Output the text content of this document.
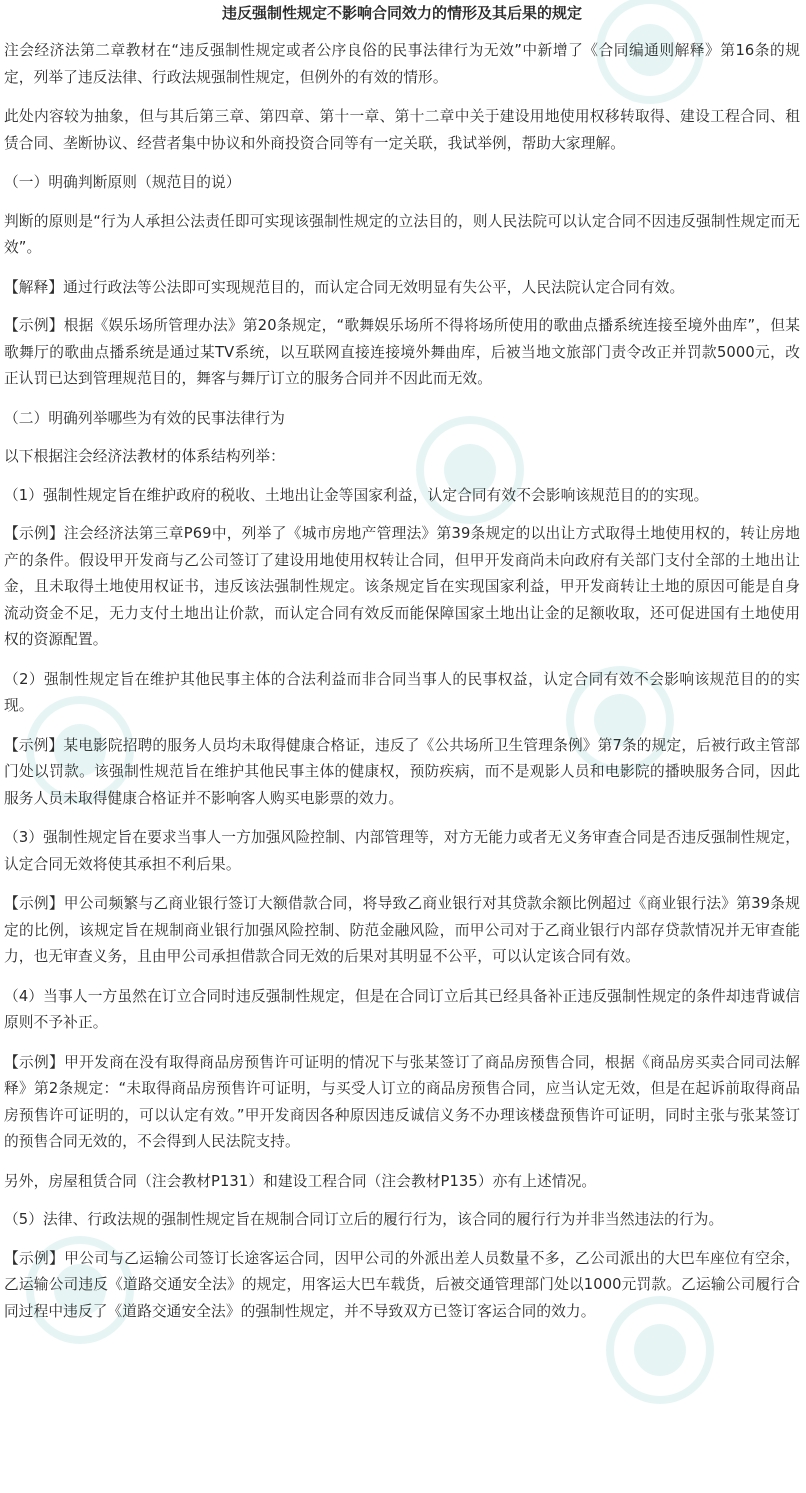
违反强制性规定不影响合同效力的情形及其后果的规定

注会经济法第二章教材在“违反强制性规定或者公序良俗的民事法律行为无效”中新增了《合同编通则解释》第16条的规定，列举了违反法律、行政法规强制性规定，但例外的有效的情形。

此处内容较为抽象，但与其后第三章、第四章、第十一章、第十二章中关于建设用地使用权移转取得、建设工程合同、租赁合同、垄断协议、经营者集中协议和外商投资合同等有一定关联，我试举例，帮助大家理解。

（一）明确判断原则（规范目的说）

判断的原则是“行为人承担公法责任即可实现该强制性规定的立法目的，则人民法院可以认定合同不因违反强制性规定而无效”。

【解释】通过行政法等公法即可实现规范目的，而认定合同无效明显有失公平，人民法院认定合同有效。

【示例】根据《娱乐场所管理办法》第20条规定，“歌舞娱乐场所不得将场所使用的歌曲点播系统连接至境外曲库”，但某歌舞厅的歌曲点播系统是通过某TV系统，以互联网直接连接境外舞曲库，后被当地文旅部门责令改正并罚款5000元，改正认罚已达到管理规范目的，舞客与舞厅订立的服务合同并不因此而无效。

（二）明确列举哪些为有效的民事法律行为

以下根据注会经济法教材的体系结构列举：

（1）强制性规定旨在维护政府的税收、土地出让金等国家利益，认定合同有效不会影响该规范目的的实现。

【示例】注会经济法第三章P69中，列举了《城市房地产管理法》第39条规定的以出让方式取得土地使用权的，转让房地产的条件。假设甲开发商与乙公司签订了建设用地使用权转让合同，但甲开发商尚未向政府有关部门支付全部的土地出让金，且未取得土地使用权证书，违反该法强制性规定。该条规定旨在实现国家利益，甲开发商转让土地的原因可能是自身流动资金不足，无力支付土地出让价款，而认定合同有效反而能保障国家土地出让金的足额收取，还可促进国有土地使用权的资源配置。

（2）强制性规定旨在维护其他民事主体的合法利益而非合同当事人的民事权益，认定合同有效不会影响该规范目的的实现。

【示例】某电影院招聘的服务人员均未取得健康合格证，违反了《公共场所卫生管理条例》第7条的规定，后被行政主管部门处以罚款。该强制性规范旨在维护其他民事主体的健康权，预防疾病，而不是观影人员和电影院的播映服务合同，因此服务人员未取得健康合格证并不影响客人购买电影票的效力。

（3）强制性规定旨在要求当事人一方加强风险控制、内部管理等，对方无能力或者无义务审查合同是否违反强制性规定，认定合同无效将使其承担不利后果。

【示例】甲公司频繁与乙商业银行签订大额借款合同，将导致乙商业银行对其贷款余额比例超过《商业银行法》第39条规定的比例，该规定旨在规制商业银行加强风险控制、防范金融风险，而甲公司对于乙商业银行内部存贷款情况并无审查能力，也无审查义务，且由甲公司承担借款合同无效的后果对其明显不公平，可以认定该合同有效。

（4）当事人一方虽然在订立合同时违反强制性规定，但是在合同订立后其已经具备补正违反强制性规定的条件却违背诚信原则不予补正。

【示例】甲开发商在没有取得商品房预售许可证明的情况下与张某签订了商品房预售合同，根据《商品房买卖合同司法解释》第2条规定：“未取得商品房预售许可证明，与买受人订立的商品房预售合同，应当认定无效，但是在起诉前取得商品房预售许可证明的，可以认定有效。”甲开发商因各种原因违反诚信义务不办理该楼盘预售许可证明，同时主张与张某签订的预售合同无效的，不会得到人民法院支持。

另外，房屋租赁合同（注会教材P131）和建设工程合同（注会教材P135）亦有上述情况。

（5）法律、行政法规的强制性规定旨在规制合同订立后的履行行为，该合同的履行行为并非当然违法的行为。

【示例】甲公司与乙运输公司签订长途客运合同，因甲公司的外派出差人员数量不多，乙公司派出的大巴车座位有空余，乙运输公司违反《道路交通安全法》的规定，用客运大巴车载货，后被交通管理部门处以1000元罚款。乙运输公司履行合同过程中违反了《道路交通安全法》的强制性规定，并不导致双方已签订客运合同的效力。
